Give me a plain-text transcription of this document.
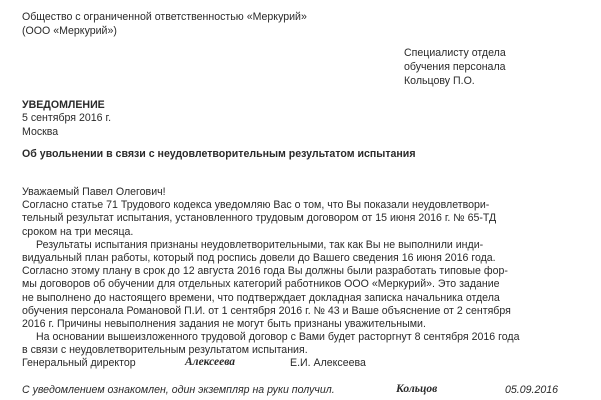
Общество с ограниченной ответственностью «Меркурий»
(ООО «Меркурий»)
Специалисту отдела
обучения персонала
Кольцову П.О.
УВЕДОМЛЕНИЕ
5 сентября 2016 г.
Москва
Об увольнении в связи с неудовлетворительным результатом испытания
Уважаемый Павел Олегович!
Согласно статье 71 Трудового кодекса уведомляю Вас о том, что Вы показали неудовлетвори-
тельный результат испытания, установленного трудовым договором от 15 июня 2016 г. № 65-ТД
сроком на три месяца.
Результаты испытания признаны неудовлетворительными, так как Вы не выполнили инди-
видуальный план работы, который под роспись довели до Вашего сведения 16 июня 2016 года.
Согласно этому плану в срок до 12 августа 2016 года Вы должны были разработать типовые фор-
мы договоров об обучении для отдельных категорий работников ООО «Меркурий». Это задание
не выполнено до настоящего времени, что подтверждает докладная записка начальника отдела
обучения персонала Романовой П.И. от 1 сентября 2016 г. № 43 и Ваше объяснение от 2 сентября
2016 г. Причины невыполнения задания не могут быть признаны уважительными.
На основании вышеизложенного трудовой договор с Вами будет расторгнут 8 сентября 2016 года
в связи с неудовлетворительным результатом испытания.
Генеральный директор	Алексеева	Е.И. Алексеева
С уведомлением ознакомлен, один экземпляр на руки получил.	Кольцов	05.09.2016
